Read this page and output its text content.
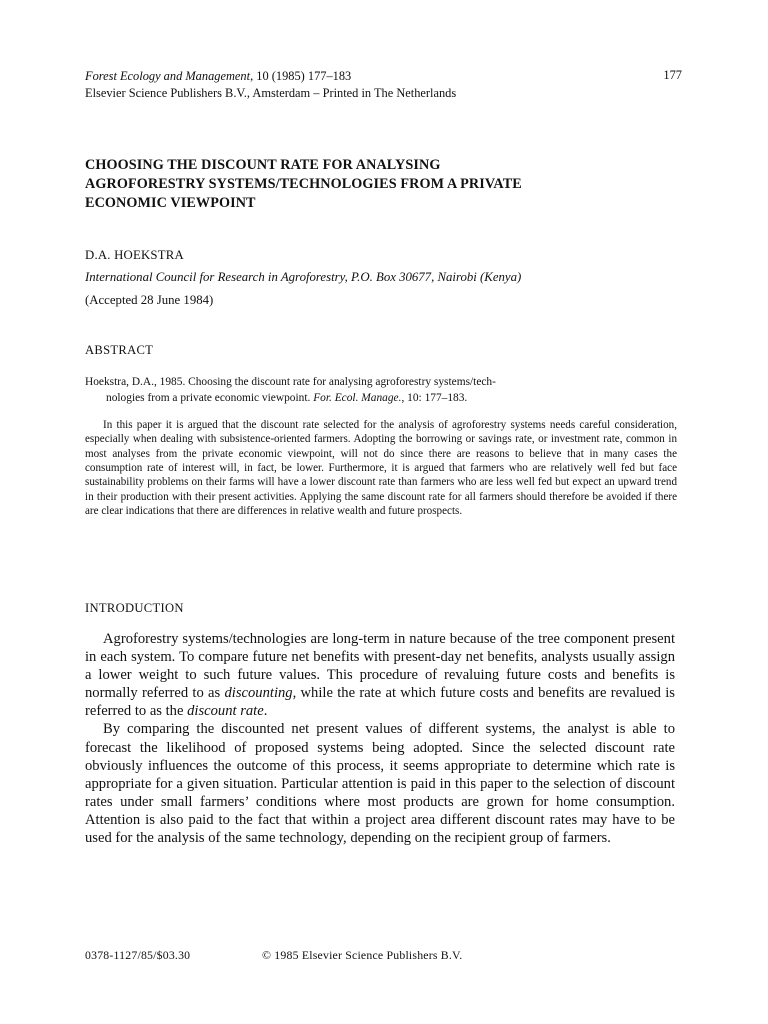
Forest Ecology and Management, 10 (1985) 177–183
Elsevier Science Publishers B.V., Amsterdam – Printed in The Netherlands
177
CHOOSING THE DISCOUNT RATE FOR ANALYSING
AGROFORESTRY SYSTEMS/TECHNOLOGIES FROM A PRIVATE
ECONOMIC VIEWPOINT
D.A. HOEKSTRA
International Council for Research in Agroforestry, P.O. Box 30677, Nairobi (Kenya)
(Accepted 28 June 1984)
ABSTRACT
Hoekstra, D.A., 1985. Choosing the discount rate for analysing agroforestry systems/tech-
nologies from a private economic viewpoint. For. Ecol. Manage., 10: 177–183.
In this paper it is argued that the discount rate selected for the analysis of agroforestry systems needs careful consideration, especially when dealing with subsistence-oriented farmers. Adopting the borrowing or savings rate, or investment rate, common in most analyses from the private economic viewpoint, will not do since there are reasons to believe that in many cases the consumption rate of interest will, in fact, be lower. Furthermore, it is argued that farmers who are relatively well fed but face sustainability problems on their farms will have a lower discount rate than farmers who are less well fed but expect an upward trend in their production with their present activities. Applying the same discount rate for all farmers should therefore be avoided if there are clear indications that there are differences in relative wealth and future prospects.
INTRODUCTION

Agroforestry systems/technologies are long-term in nature because of the tree component present in each system. To compare future net benefits with present-day net benefits, analysts usually assign a lower weight to such future values. This procedure of revaluing future costs and benefits is normally referred to as discounting, while the rate at which future costs and benefits are revalued is referred to as the discount rate.

By comparing the discounted net present values of different systems, the analyst is able to forecast the likelihood of proposed systems being adopted. Since the selected discount rate obviously influences the outcome of this process, it seems appropriate to determine which rate is appropriate for a given situation. Particular attention is paid in this paper to the selection of discount rates under small farmers’ conditions where most products are grown for home consumption. Attention is also paid to the fact that within a project area different discount rates may have to be used for the analysis of the same technology, depending on the recipient group of farmers.

0378-1127/85/$03.30	© 1985 Elsevier Science Publishers B.V.
